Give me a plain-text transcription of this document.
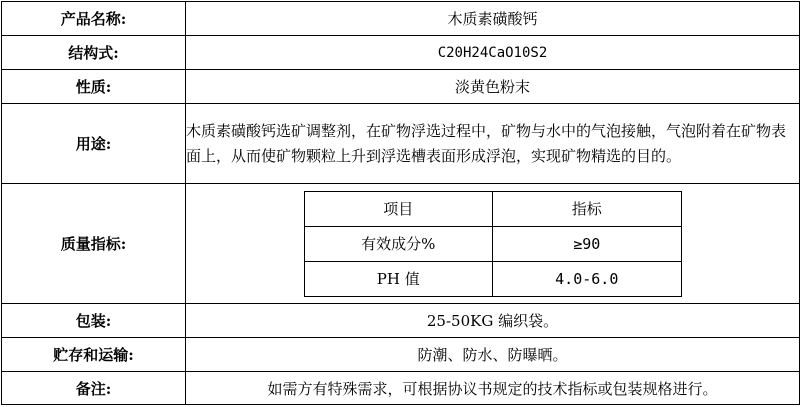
产品名称:	木质素磺酸钙
结构式:	C20H24CaO10S2
性质:	淡黄色粉末
用途:	木质素磺酸钙选矿调整剂，在矿物浮选过程中，矿物与水中的气泡接触，气泡附着在矿物表面上，从而使矿物颗粒上升到浮选槽表面形成浮泡，实现矿物精选的目的。
质量指标:	
项目	指标
有效成分%	≥90
PH 值	4.0-6.0

包装:	25-50KG 编织袋。
贮存和运输:	防潮、防水、防曝晒。
备注:	如需方有特殊需求，可根据协议书规定的技术指标或包装规格进行。
